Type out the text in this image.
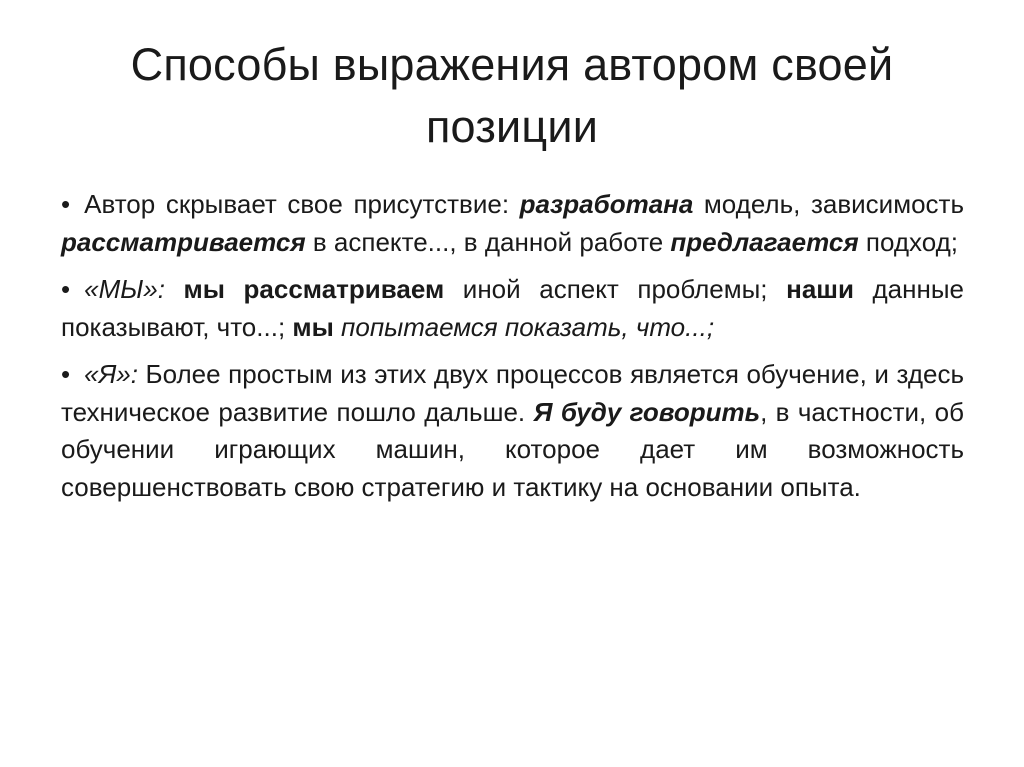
Способы выражения автором своей позиции
• Автор скрывает свое присутствие: разработана модель, зависимость рассматривается в аспекте..., в данной работе предлагается подход;
• «МЫ»: мы рассматриваем иной аспект проблемы; наши данные показывают, что...; мы попытаемся показать, что...;
• «Я»: Более простым из этих двух процессов является обучение, и здесь техническое развитие пошло дальше. Я буду говорить, в частности, об обучении играющих машин, которое дает им возможность совершенствовать свою стратегию и тактику на основании опыта.
